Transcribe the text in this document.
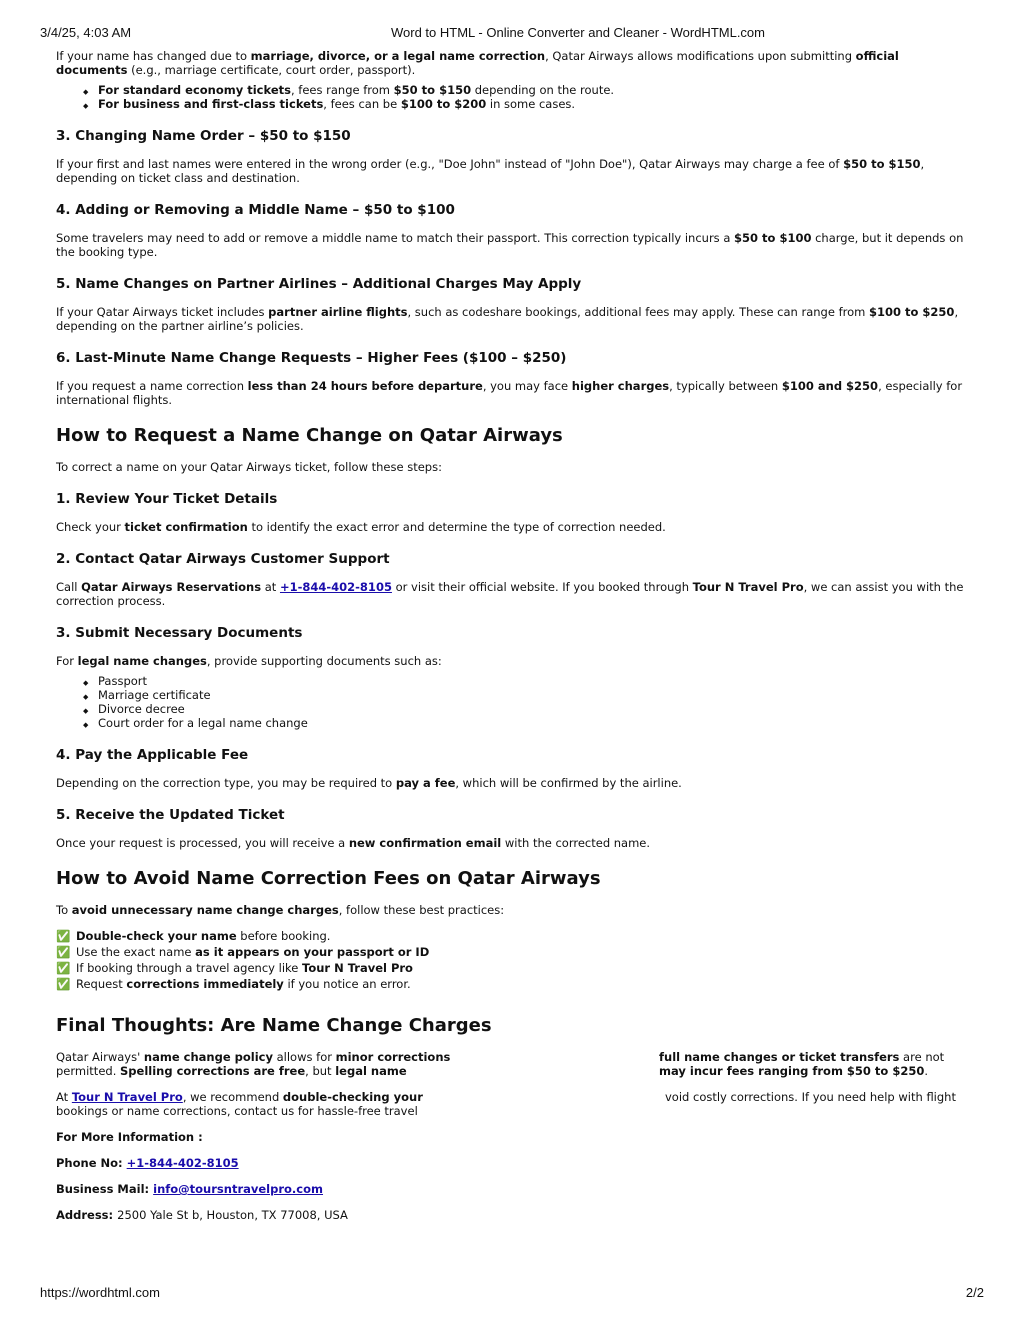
3/4/25, 4:03 AM	Word to HTML - Online Converter and Cleaner - WordHTML.com

If your name has changed due to marriage, divorce, or a legal name correction, Qatar Airways allows modifications upon submitting official documents (e.g., marriage certificate, court order, passport).

◆ For standard economy tickets, fees range from $50 to $150 depending on the route.
◆ For business and first-class tickets, fees can be $100 to $200 in some cases.
3. Changing Name Order – $50 to $150

If your first and last names were entered in the wrong order (e.g., "Doe John" instead of "John Doe"), Qatar Airways may charge a fee of $50 to $150, depending on ticket class and destination.

4. Adding or Removing a Middle Name – $50 to $100

Some travelers may need to add or remove a middle name to match their passport. This correction typically incurs a $50 to $100 charge, but it depends on the booking type.

5. Name Changes on Partner Airlines – Additional Charges May Apply

If your Qatar Airways ticket includes partner airline flights, such as codeshare bookings, additional fees may apply. These can range from $100 to $250, depending on the partner airline’s policies.

6. Last-Minute Name Change Requests – Higher Fees ($100 – $250)

If you request a name correction less than 24 hours before departure, you may face higher charges, typically between $100 and $250, especially for international flights.

How to Request a Name Change on Qatar Airways

To correct a name on your Qatar Airways ticket, follow these steps:

1. Review Your Ticket Details

Check your ticket confirmation to identify the exact error and determine the type of correction needed.

2. Contact Qatar Airways Customer Support

Call Qatar Airways Reservations at +1-844-402-8105 or visit their official website. If you booked through Tour N Travel Pro, we can assist you with the correction process.

3. Submit Necessary Documents

For legal name changes, provide supporting documents such as:

◆ Passport
◆ Marriage certificate
◆ Divorce decree
◆ Court order for a legal name change
4. Pay the Applicable Fee

Depending on the correction type, you may be required to pay a fee, which will be confirmed by the airline.

5. Receive the Updated Ticket

Once your request is processed, you will receive a new confirmation email with the corrected name.

How to Avoid Name Correction Fees on Qatar Airways

To avoid unnecessary name change charges, follow these best practices:

✅ Double-check your name before booking.
✅ Use the exact name as it appears on your passport or ID
✅ If booking through a travel agency like Tour N Travel Pro
✅ Request corrections immediately if you notice an error.
Final Thoughts: Are Name Change Charges
Qatar Airways' name change policy allows for minor corrections
permitted. Spelling corrections are free, but legal name
full name changes or ticket transfers are not
may incur fees ranging from $50 to $250.
At Tour N Travel Pro, we recommend double-checking your
bookings or name corrections, contact us for hassle-free travel
void costly corrections. If you need help with flight

For More Information :

Phone No: +1-844-402-8105

Business Mail: info@toursntravelpro.com

Address: 2500 Yale St b, Houston, TX 77008, USA

https://wordhtml.com	2/2
